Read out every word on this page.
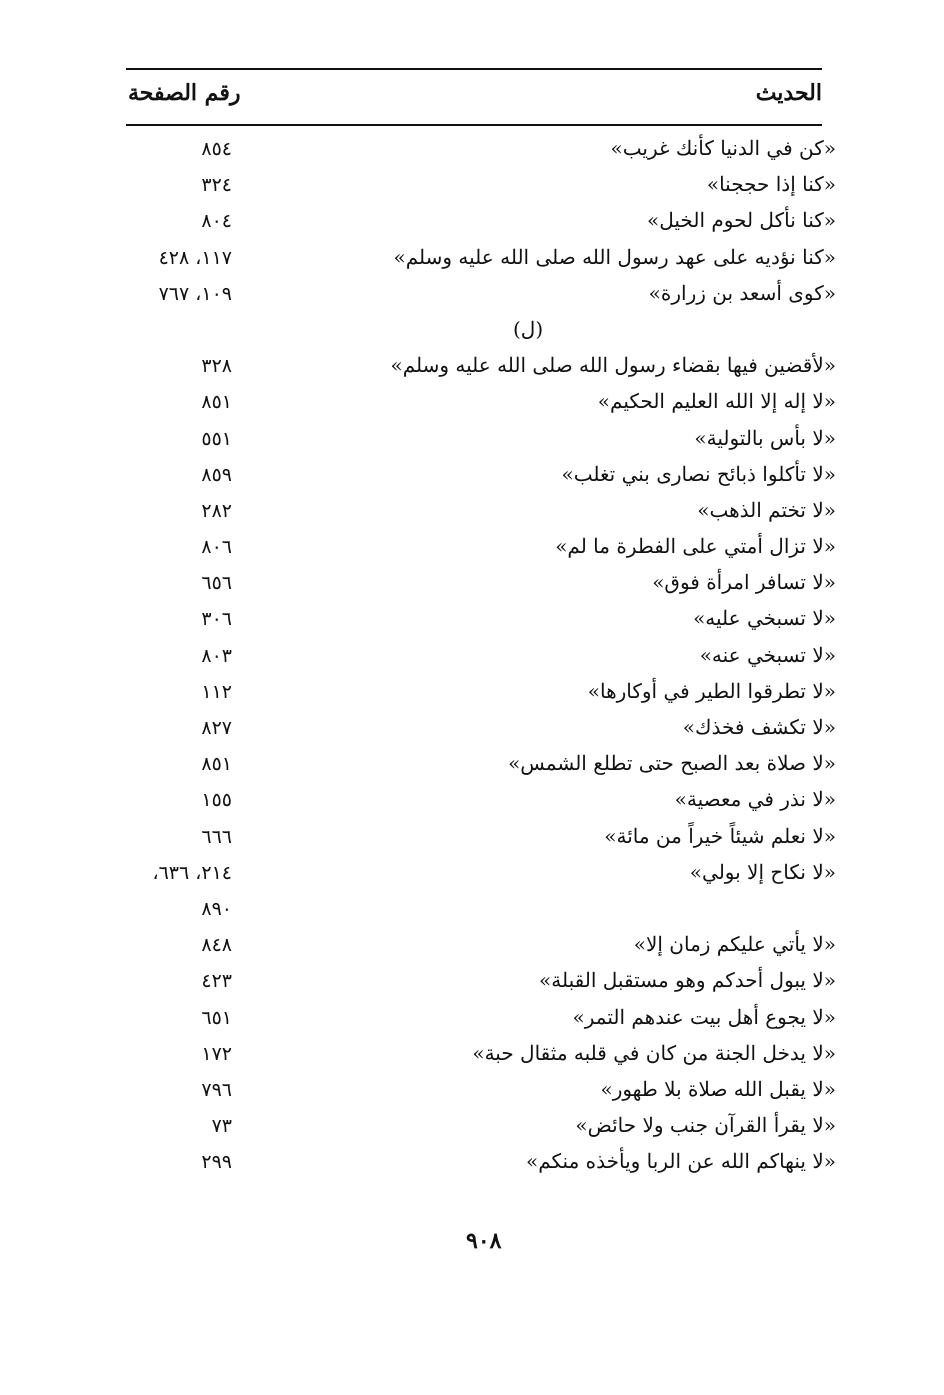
الحديث
رقم الصفحة
«كن في الدنيا كأنك غريب»
٨٥٤
«كنا إذا حججنا»
٣٢٤
«كنا نأكل لحوم الخيل»
٨٠٤
«كنا نؤديه على عهد رسول الله صلى الله عليه وسلم»
١١٧، ٤٢٨
«كوى أسعد بن زرارة»
١٠٩، ٧٦٧
(ل)
«لأقضين فيها بقضاء رسول الله صلى الله عليه وسلم»
٣٢٨
«لا إله إلا الله العليم الحكيم»
٨٥١
«لا بأس بالتولية»
٥٥١
«لا تأكلوا ذبائح نصارى بني تغلب»
٨٥٩
«لا تختم الذهب»
٢٨٢
«لا تزال أمتي على الفطرة ما لم»
٨٠٦
«لا تسافر امرأة فوق»
٦٥٦
«لا تسبخي عليه»
٣٠٦
«لا تسبخي عنه»
٨٠٣
«لا تطرقوا الطير في أوكارها»
١١٢
«لا تكشف فخذك»
٨٢٧
«لا صلاة بعد الصبح حتى تطلع الشمس»
٨٥١
«لا نذر في معصية»
١٥٥
«لا نعلم شيئاً خيراً من مائة»
٦٦٦
«لا نكاح إلا بولي»
٢١٤، ٦٣٦،
٨٩٠
«لا يأتي عليكم زمان إلا»
٨٤٨
«لا يبول أحدكم وهو مستقبل القبلة»
٤٢٣
«لا يجوع أهل بيت عندهم التمر»
٦٥١
«لا يدخل الجنة من كان في قلبه مثقال حبة»
١٧٢
«لا يقبل الله صلاة بلا طهور»
٧٩٦
«لا يقرأ القرآن جنب ولا حائض»
٧٣
«لا ينهاكم الله عن الربا ويأخذه منكم»
٢٩٩
٩٠٨
